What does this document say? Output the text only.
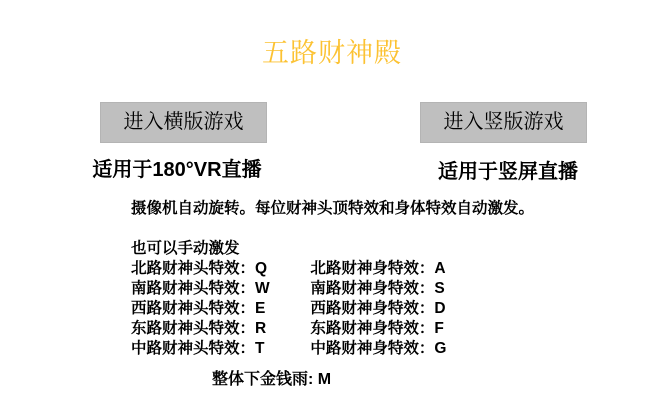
五路财神殿
进入横版游戏	进入竖版游戏
适用于180°VR直播	适用于竖屏直播
摄像机自动旋转。每位财神头顶特效和身体特效自动激发。
也可以手动激发
北路财神头特效：Q	北路财神身特效：A
南路财神头特效：W	南路财神身特效：S
西路财神头特效：E	西路财神身特效：D
东路财神头特效：R	东路财神身特效：F
中路财神头特效：T	中路财神身特效：G
整体下金钱雨: M
